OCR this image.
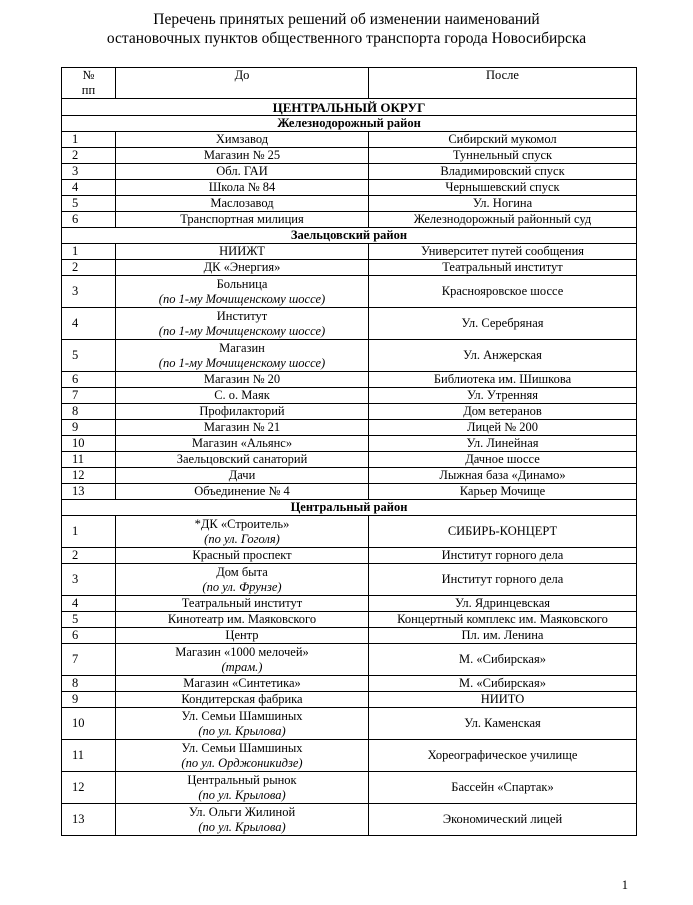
Перечень принятых решений об изменении наименований
остановочных пунктов общественного транспорта города Новосибирска
№
пп	До	После
ЦЕНТРАЛЬНЫЙ ОКРУГ		
Железнодорожный район		
1	Химзавод	Сибирский мукомол
2	Магазин № 25	Туннельный спуск
3	Обл. ГАИ	Владимировский спуск
4	Школа № 84	Чернышевский спуск
5	Маслозавод	Ул. Ногина
6	Транспортная милиция	Железнодорожный районный суд
Заельцовский район		
1	НИИЖТ	Университет путей сообщения
2	ДК «Энергия»	Театральный институт
3	Больница
(по 1-му Мочищенскому шоссе)	Краснояровское шоссе
4	Институт
(по 1-му Мочищенскому шоссе)	Ул. Серебряная
5	Магазин
(по 1-му Мочищенскому шоссе)	Ул. Анжерская
6	Магазин № 20	Библиотека им. Шишкова
7	С. о. Маяк	Ул. Утренняя
8	Профилакторий	Дом ветеранов
9	Магазин № 21	Лицей № 200
10	Магазин «Альянс»	Ул. Линейная
11	Заельцовский санаторий	Дачное шоссе
12	Дачи	Лыжная база «Динамо»
13	Объединение № 4	Карьер Мочище
Центральный район		
1	*ДК «Строитель»
(по ул. Гоголя)	СИБИРЬ-КОНЦЕРТ
2	Красный проспект	Институт горного дела
3	Дом быта
(по ул. Фрунзе)	Институт горного дела
4	Театральный институт	Ул. Ядринцевская
5	Кинотеатр им. Маяковского	Концертный комплекс им. Маяковского
6	Центр	Пл. им. Ленина
7	Магазин «1000 мелочей»
(трам.)	М. «Сибирская»
8	Магазин «Синтетика»	М. «Сибирская»
9	Кондитерская фабрика	НИИТО
10	Ул. Семьи Шамшиных
(по ул. Крылова)	Ул. Каменская
11	Ул. Семьи Шамшиных
(по ул. Орджоникидзе)	Хореографическое училище
12	Центральный рынок
(по ул. Крылова)	Бассейн «Спартак»
13	Ул. Ольги Жилиной
(по ул. Крылова)	Экономический лицей
1
